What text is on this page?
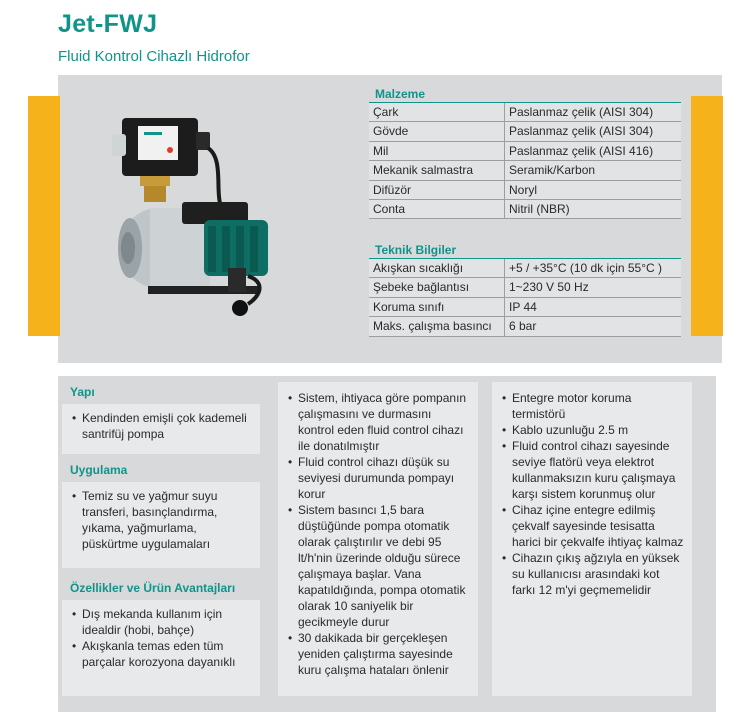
Jet-FWJ
Fluid Kontrol Cihazlı Hidrofor
Malzeme
Çark	Paslanmaz çelik (AISI 304)
Gövde	Paslanmaz çelik (AISI 304)
Mil	Paslanmaz çelik (AISI 416)
Mekanik salmastra	Seramik/Karbon
Difüzör	Noryl
Conta	Nitril (NBR)
Teknik Bilgiler
Akışkan sıcaklığı	+5 / +35°C (10 dk için 55°C )
Şebeke bağlantısı	1~230 V 50 Hz
Koruma sınıfı	IP 44
Maks. çalışma basıncı	6 bar
Yapı
• Kendinden emişli çok kademeli santrifüj pompa
Uygulama
• Temiz su ve yağmur suyu transferi, basınçlandırma, yıkama, yağmurlama, püskürtme uygulamaları
Özellikler ve Ürün Avantajları
• Dış mekanda kullanım için idealdir (hobi, bahçe)
• Akışkanla temas eden tüm parçalar korozyona dayanıklı
• Sistem, ihtiyaca göre pompanın çalışmasını ve durmasını kontrol eden fluid control cihazı ile donatılmıştır
• Fluid control cihazı düşük su seviyesi durumunda pompayı korur
• Sistem basıncı 1,5 bara düştüğünde pompa otomatik olarak çalıştırılır ve debi 95 lt/h'nin üzerinde olduğu sürece çalışmaya başlar. Vana kapatıldığında, pompa otomatik olarak 10 saniyelik bir gecikmeyle durur
• 30 dakikada bir gerçekleşen yeniden çalıştırma sayesinde kuru çalışma hataları önlenir
• Entegre motor koruma termistörü
• Kablo uzunluğu 2.5 m
• Fluid control cihazı sayesinde seviye flatörü veya elektrot kullanmaksızın kuru çalışmaya karşı sistem korunmuş olur
• Cihaz içine entegre edilmiş çekvalf sayesinde tesisatta harici bir çekvalfe ihtiyaç kalmaz
• Cihazın çıkış ağzıyla en yüksek su kullanıcısı arasındaki kot farkı 12 m'yi geçmemelidir
